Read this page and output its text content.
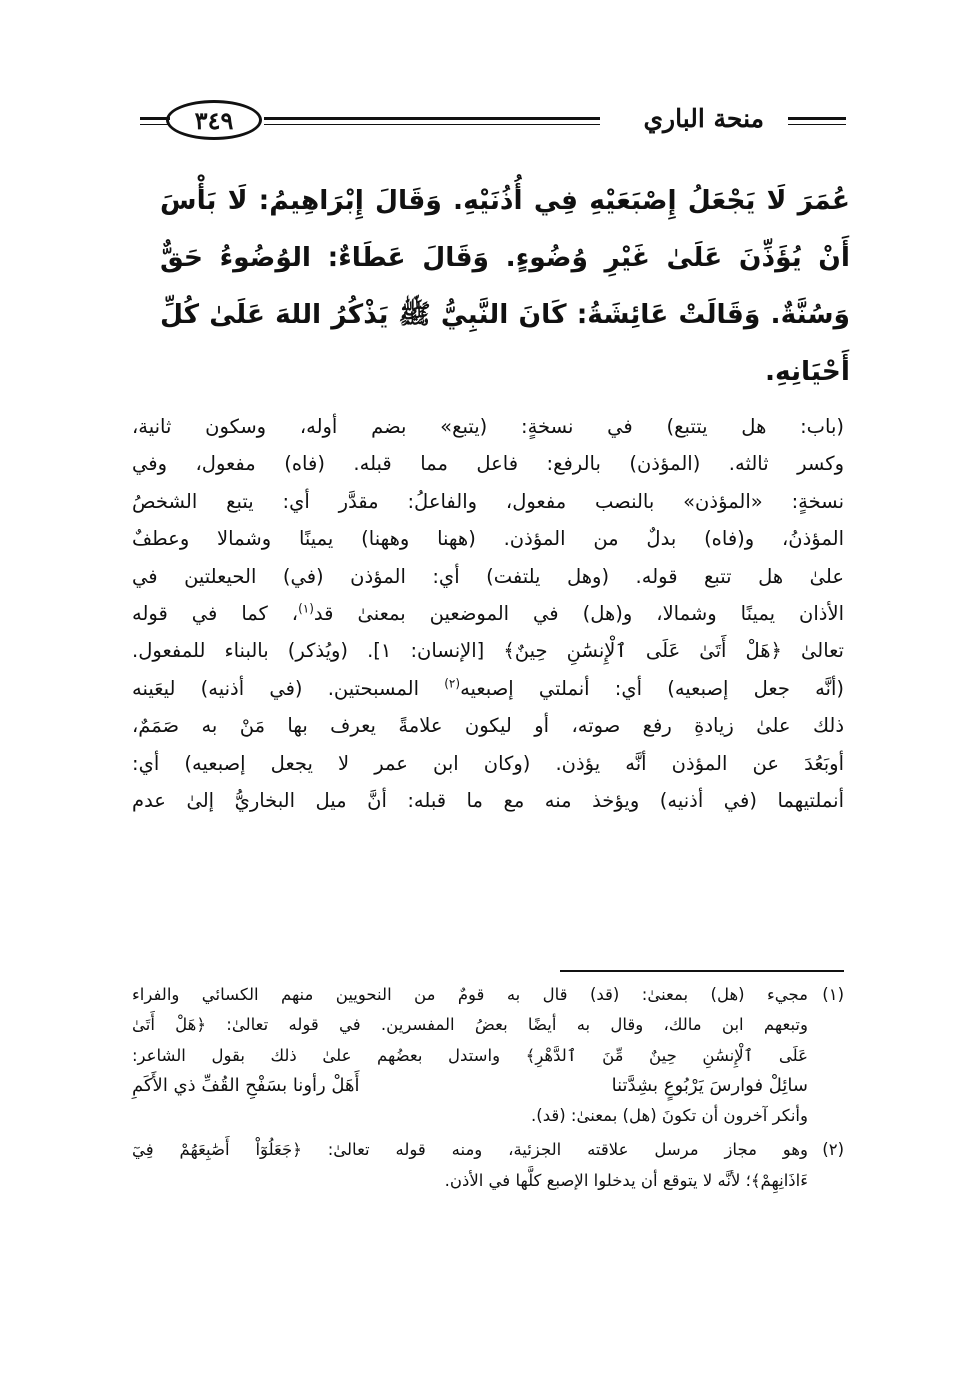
منحة الباري
٣٤٩
عُمَرَ لَا يَجْعَلُ إِصْبَعَيْهِ فِي أُذُنَيْهِ. وَقَالَ إِبْرَاهِيمُ: لَا بَأْسَ
أَنْ يُؤَذِّنَ عَلَىٰ غَيْرِ وُضُوءٍ. وَقَالَ عَطَاءٌ: الوُضُوءُ حَقٌّ
وَسُنَّةٌ. وَقَالَتْ عَائِشَةُ: كَانَ النَّبِيُّ ﷺ يَذْكُرُ اللهَ عَلَىٰ كُلِّ
أَحْيَانِهِ.
(باب: هل يتتبع) في نسخةٍ: (يتبع» بضم أوله، وسكون ثانية،
وكسر ثالثه. (المؤذن) بالرفع: فاعل مما قبله. (فاه) مفعول، وفي
نسخةٍ: «المؤذن» بالنصب مفعول، والفاعلُ: مقدَّر أي: يتبع الشخصُ
المؤذنُ، و(فاه) بدلٌ من المؤذن. (ههنا وههنا) يمينًا وشمالا وعطفٌ
علىٰ هل تتبع قوله. (وهل يلتفت) أي: المؤذن (في) الحيعلتين في
الأذان يمينًا وشمالا، و(هل) في الموضعين بمعنىٰ قد$^{(١)}$، كما في قوله
تعالىٰ ﴿هَلْ أَتَىٰ عَلَى ٱلْإِنسَٰنِ حِينٌ﴾ [الإنسان: ١]. (ويُذكر) بالبناء للمفعول.
(أنَّه جعل إصبعيه) أي: أنملتي إصبعيه$^{(٢)}$ المسبحتين. (في أذنيه) ليعَينه
ذلك علىٰ زيادةِ رفع صوته، أو ليكون علامةً يعرف بها مَنْ به صَمَمٌ،
أوبَعُدَ عن المؤذن أنَّه يؤذن. (وكان ابن عمر لا يجعل إصبعيه) أي:
أنملتيهما (في أذنيه) ويؤخذ منه مع ما قبله: أنَّ ميل البخاريُّ إلىٰ عدم
(١)مجيء (هل) بمعنىٰ: (قد) قال به قومٌ من النحويين منهم الكسائي والفراء
وتبعهم ابن مالك، وقال به أيضًا بعضُ المفسرين. في قوله تعالىٰ: ﴿هَلْ أَتَىٰ
عَلَى ٱلْإِنسَٰنِ حِينٌ مِّنَ ٱلدَّهْرِ﴾ واستدل بعضُهم علىٰ ذلك بقول الشاعر:
سائِلْ فوارسَ يَرْبُوعٍ بشِدَّتنا
أَهَلْ رأونا بسَفْحِ القُفِّ ذي الأَكَمِ
وأنكر آخرون أن تكونَ (هل) بمعنىٰ: (قد).
(٢)وهو مجاز مرسل علاقته الجزئية، ومنه قوله تعالىٰ: ﴿جَعَلُوٓاْ أَصَٰبِعَهُمْ فِيٓ
ءَاذَانِهِمْ﴾؛ لأنَّه لا يتوقع أن يدخلوا الإصبع كلَّها في الأذن.
